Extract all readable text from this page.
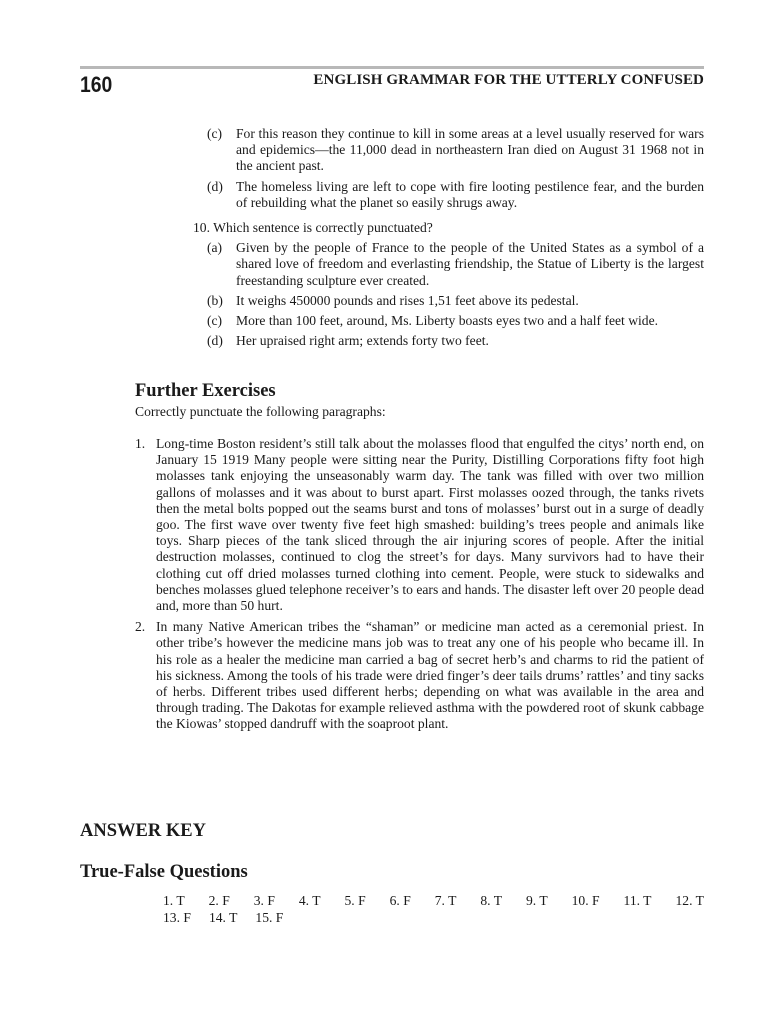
160	ENGLISH GRAMMAR FOR THE UTTERLY CONFUSED
(c) For this reason they continue to kill in some areas at a level usually reserved for wars and epidemics—the 11,000 dead in northeastern Iran died on August 31 1968 not in the ancient past.
(d) The homeless living are left to cope with fire looting pestilence fear, and the burden of rebuilding what the planet so easily shrugs away.
10. Which sentence is correctly punctuated?
(a) Given by the people of France to the people of the United States as a symbol of a shared love of freedom and everlasting friendship, the Statue of Liberty is the largest freestanding sculpture ever created.
(b) It weighs 450000 pounds and rises 1,51 feet above its pedestal.
(c) More than 100 feet, around, Ms. Liberty boasts eyes two and a half feet wide.
(d) Her upraised right arm; extends forty two feet.
Further Exercises
Correctly punctuate the following paragraphs:
1. Long-time Boston resident’s still talk about the molasses flood that engulfed the citys’ north end, on January 15 1919 Many people were sitting near the Purity, Distilling Corporations fifty foot high molasses tank enjoying the unseasonably warm day. The tank was filled with over two million gallons of molasses and it was about to burst apart. First molasses oozed through, the tanks rivets then the metal bolts popped out the seams burst and tons of molasses’ burst out in a surge of deadly goo. The first wave over twenty five feet high smashed: building’s trees people and animals like toys. Sharp pieces of the tank sliced through the air injuring scores of people. After the initial destruction molasses, continued to clog the street’s for days. Many survivors had to have their clothing cut off dried molasses turned clothing into cement. People, were stuck to sidewalks and benches molasses glued telephone receiver’s to ears and hands. The disaster left over 20 people dead and, more than 50 hurt.
2. In many Native American tribes the “shaman” or medicine man acted as a ceremonial priest. In other tribe’s however the medicine mans job was to treat any one of his people who became ill. In his role as a healer the medicine man carried a bag of secret herb’s and charms to rid the patient of his sickness. Among the tools of his trade were dried finger’s deer tails drums’ rattles’ and tiny sacks of herbs. Different tribes used different herbs; depending on what was available in the area and through trading. The Dakotas for example relieved asthma with the powdered root of skunk cabbage the Kiowas’ stopped dandruff with the soaproot plant.
ANSWER KEY
True-False Questions
1. T 2. F 3. F 4. T 5. F 6. F 7. T 8. T 9. T 10. F 11. T 12. T
13. F 14. T 15. F
